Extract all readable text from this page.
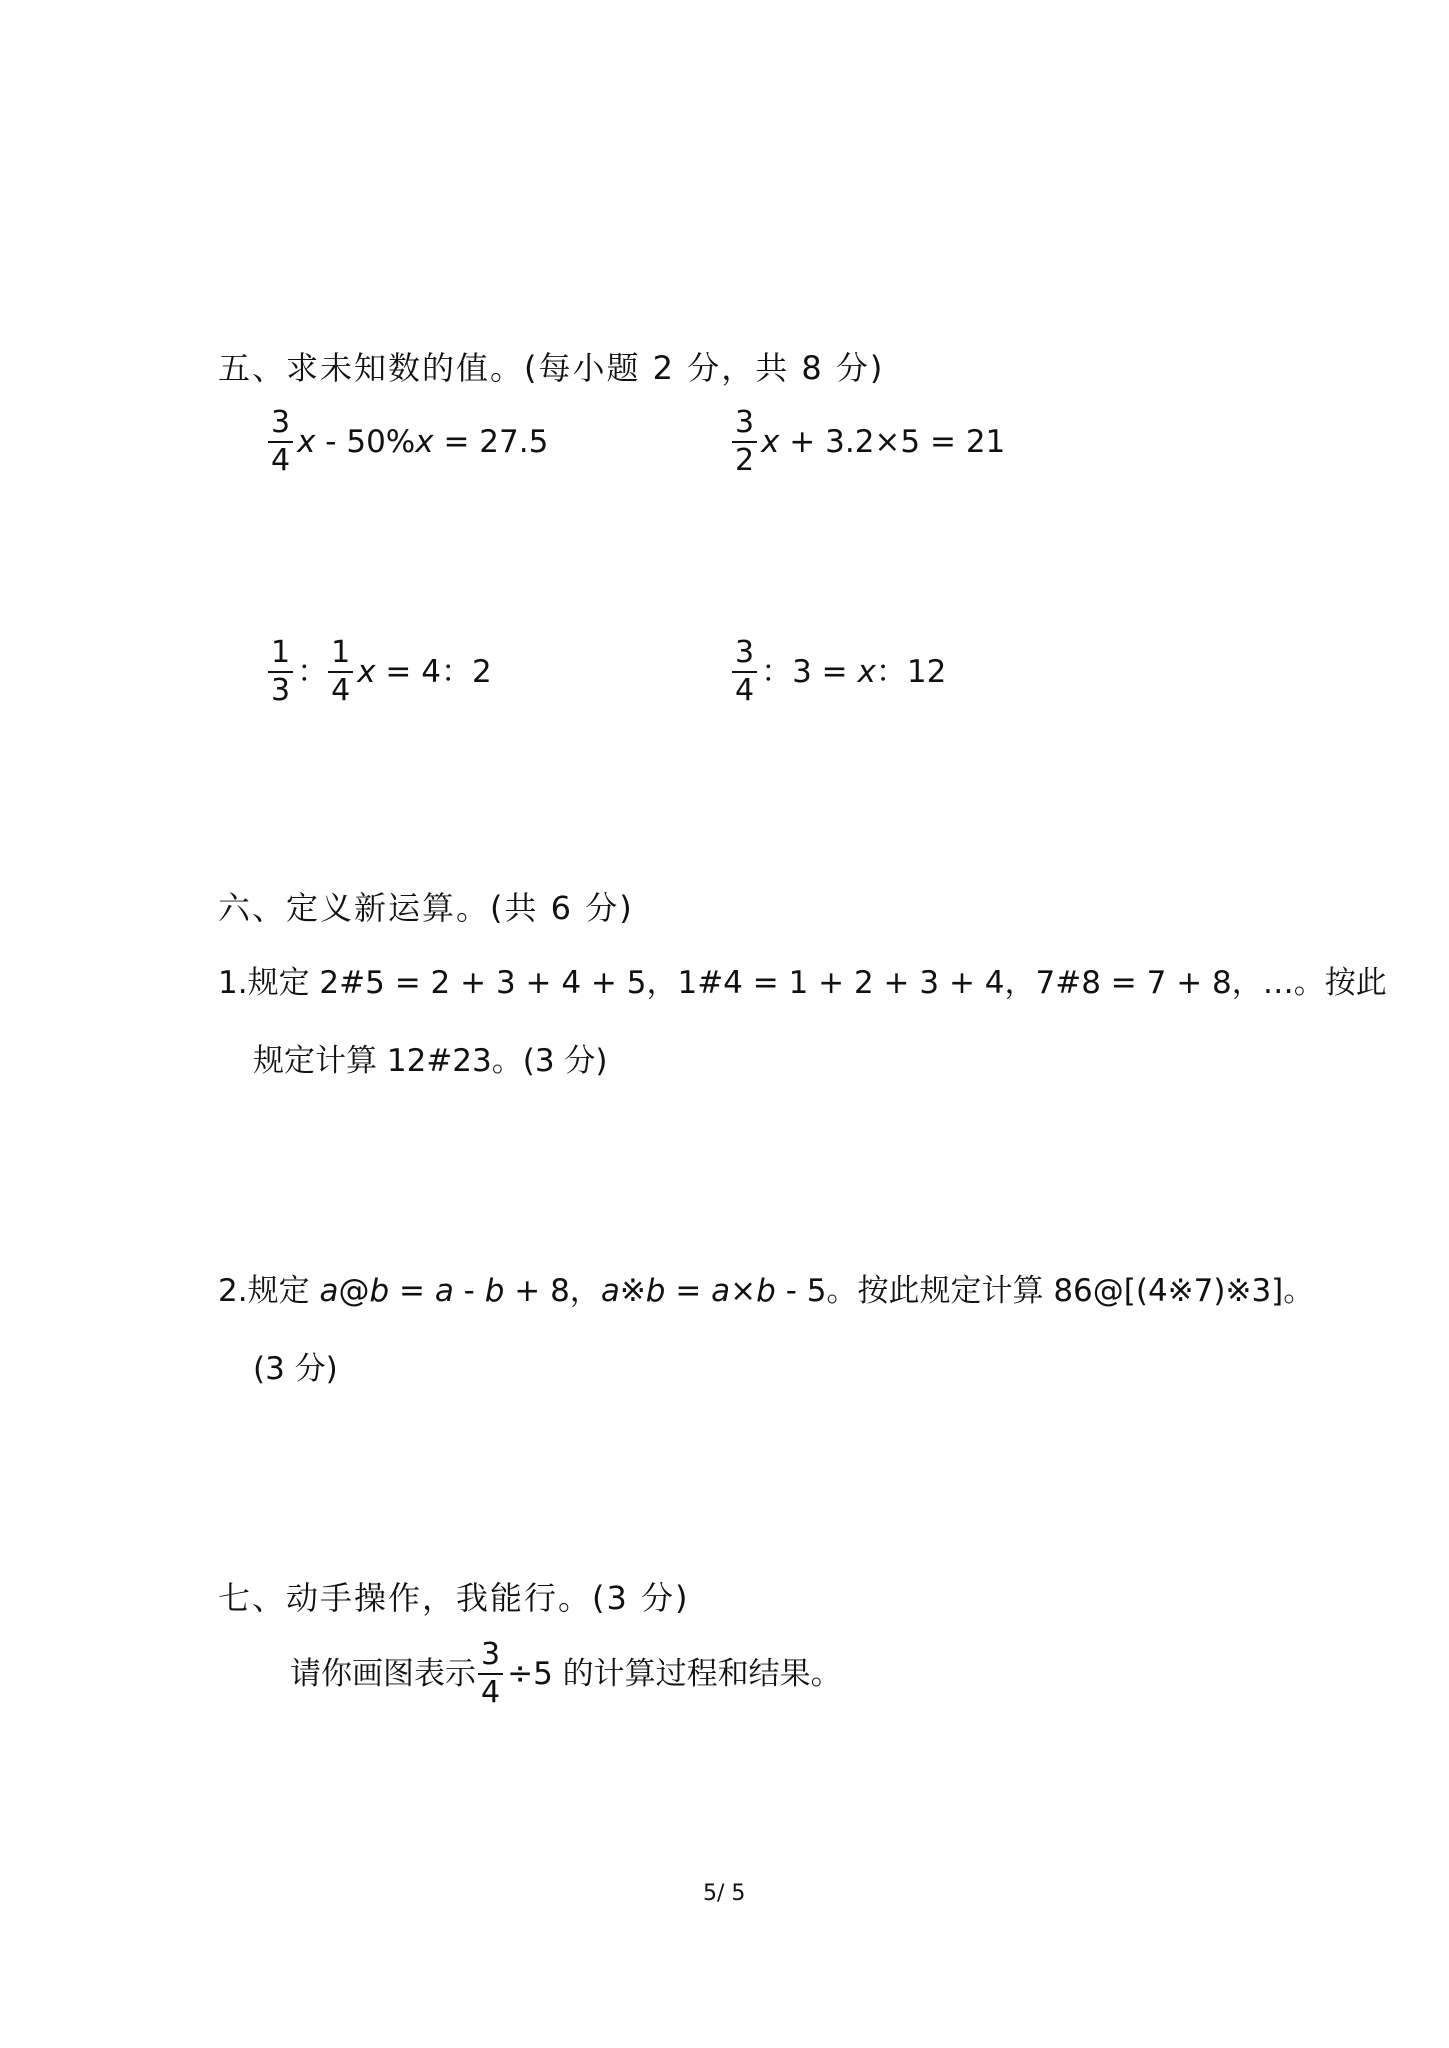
五、求未知数的值。(每小题 2 分，共 8 分)
$\frac{3}{4}$ x - 50% x = 27.5	$\frac{3}{2}$ x + 3.2×5 = 21
$\frac{1}{3}$ ： $\frac{1}{4}$ x = 4：2	$\frac{3}{4}$ ：3 = x ：12
六、定义新运算。(共 6 分)
1.规定 2#5 = 2 + 3 + 4 + 5，1#4 = 1 + 2 + 3 + 4，7#8 = 7 + 8，…。按此
规定计算 12#23。(3 分)
2.规定 a@b = a - b + 8，a※b = a×b - 5。按此规定计算 86@[(4※7)※3]。
(3 分)
七、动手操作，我能行。(3 分)
请你画图表示 $\frac{3}{4} \div 5$ 的计算过程和结果。
5/ 5
